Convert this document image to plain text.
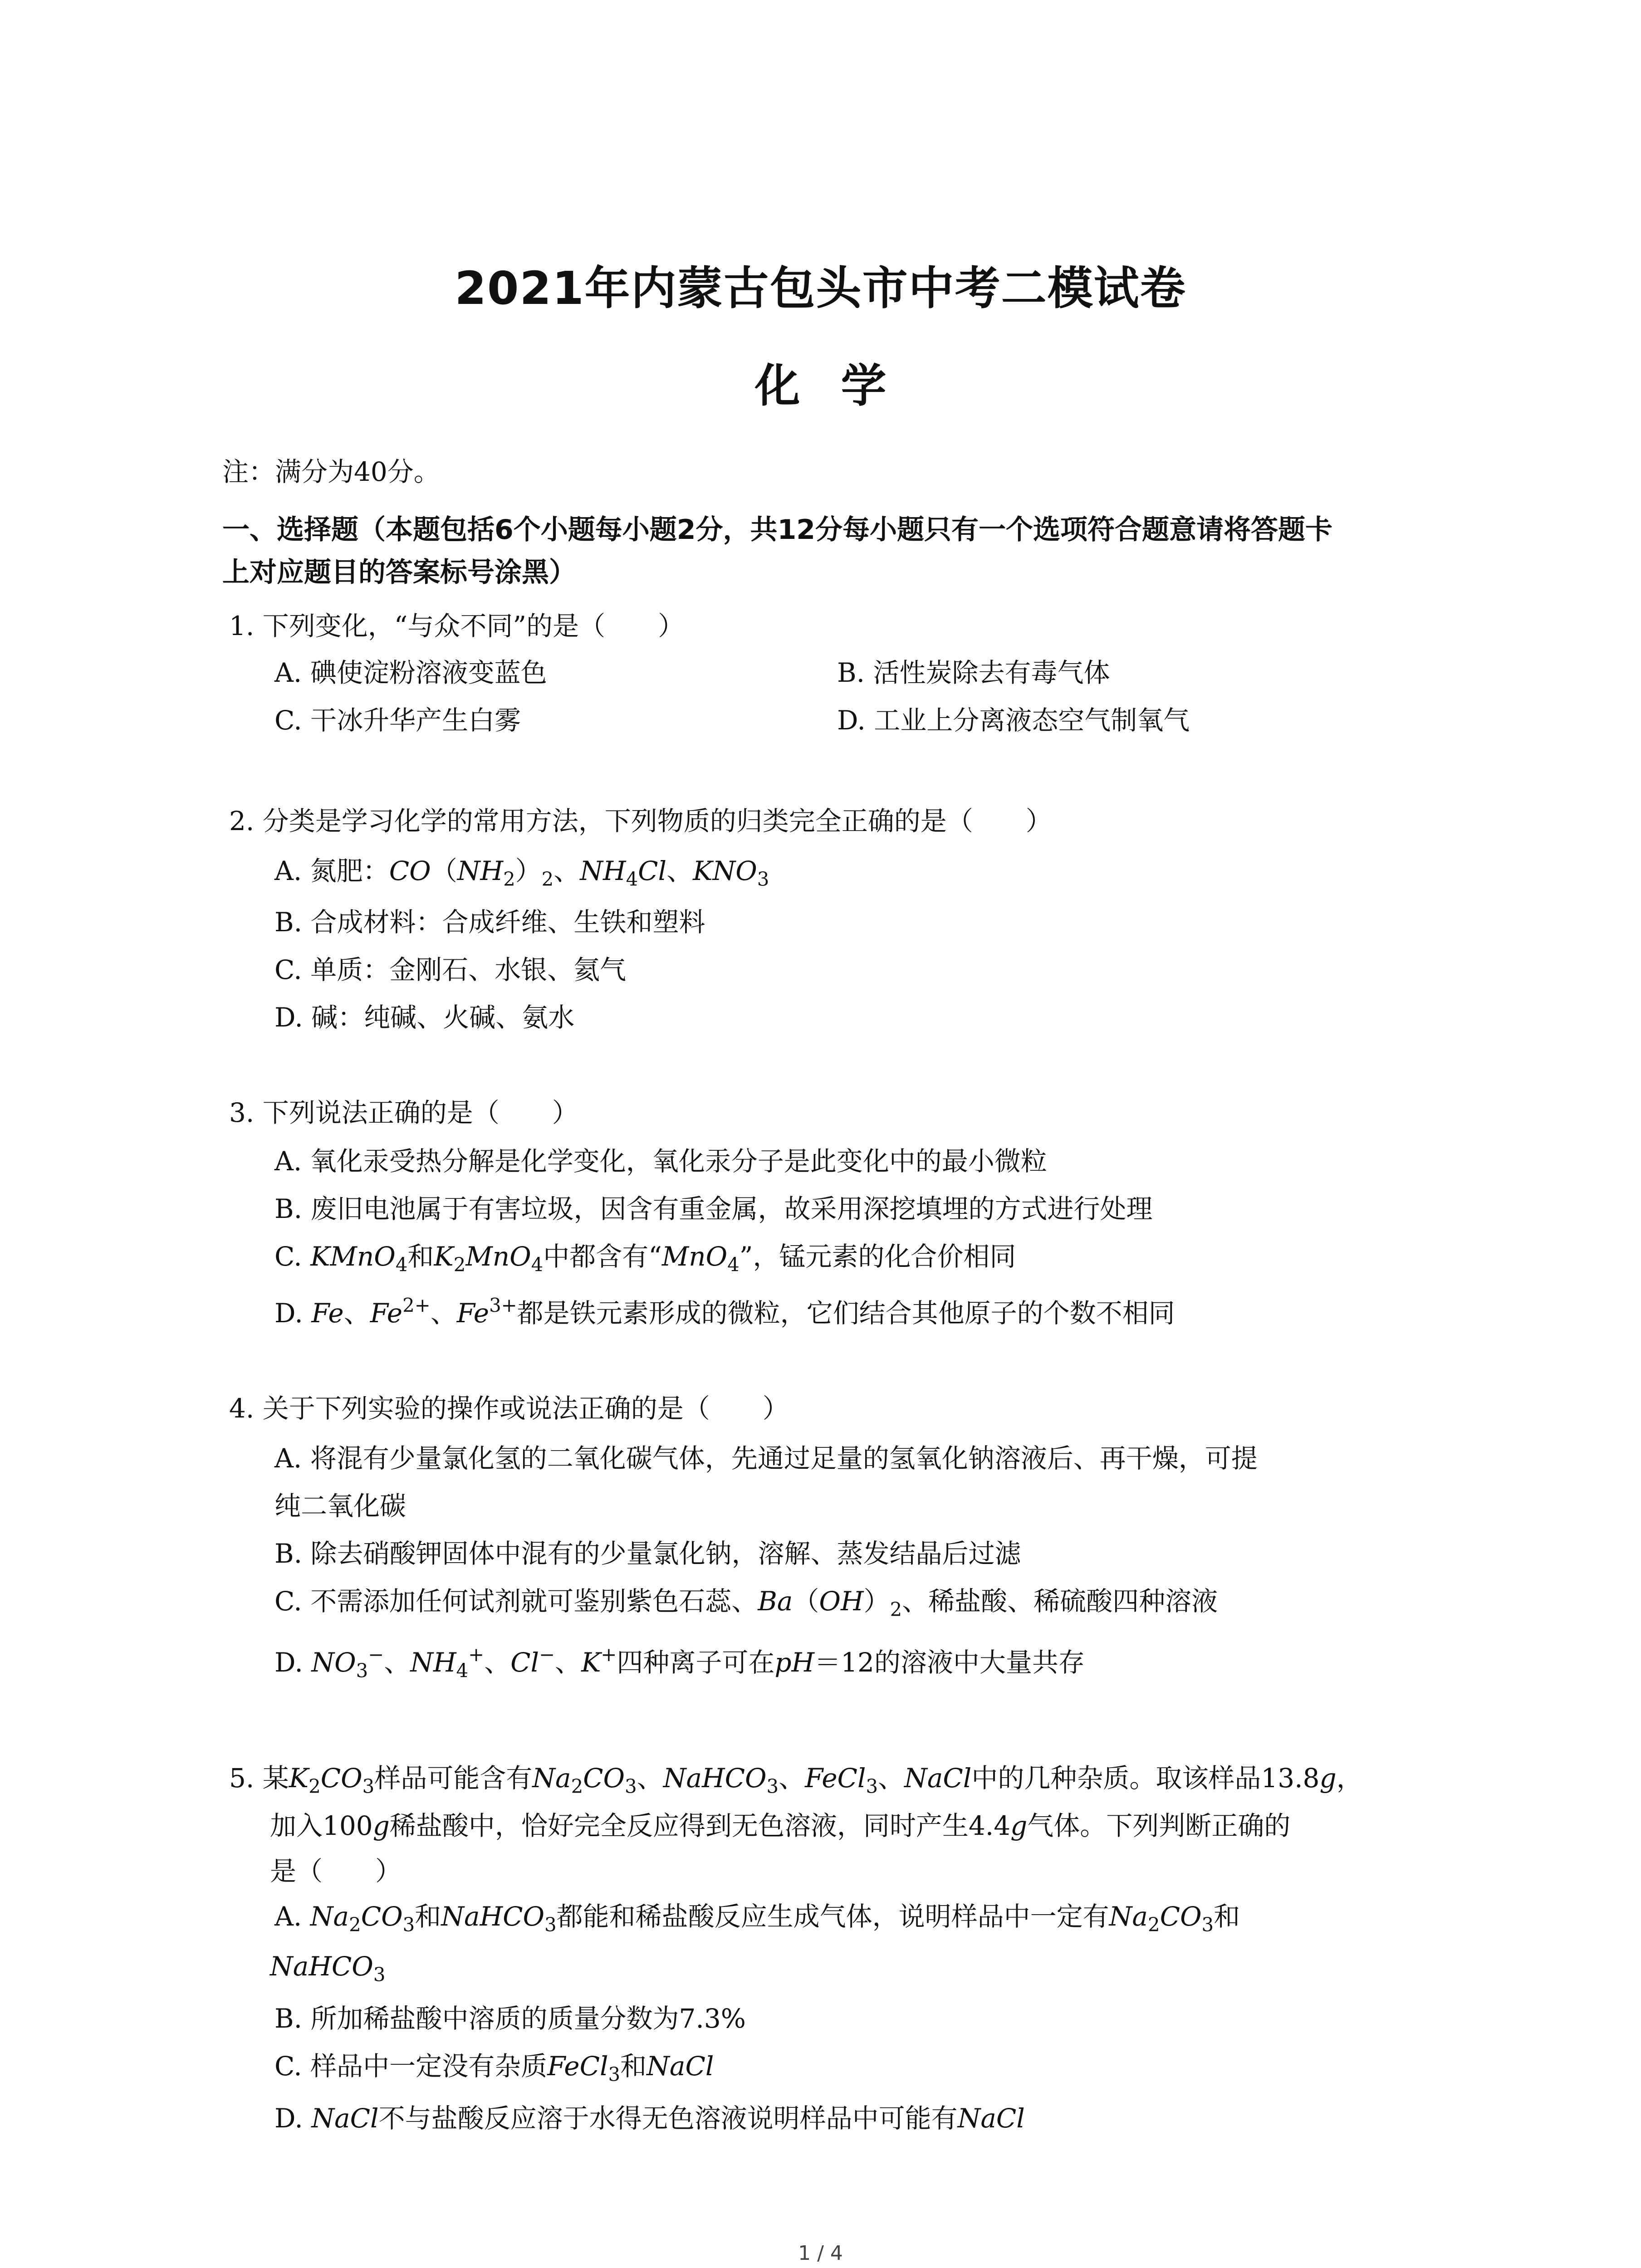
2021年内蒙古包头市中考二模试卷
化学
注：满分为40分。
一、选择题（本题包括6个小题每小题2分，共12分每小题只有一个选项符合题意请将答题卡
上对应题目的答案标号涂黑）
1. 下列变化，“与众不同”的是（　　）
A. 碘使淀粉溶液变蓝色	B. 活性炭除去有毒气体
C. 干冰升华产生白雾	D. 工业上分离液态空气制氧气
2. 分类是学习化学的常用方法，下列物质的归类完全正确的是（　　）
A. 氮肥：$CO(NH_2)_2$、$NH_4Cl$、$KNO_3$
B. 合成材料：合成纤维、生铁和塑料
C. 单质：金刚石、水银、氦气
D. 碱：纯碱、火碱、氨水
3. 下列说法正确的是（　　）
A. 氧化汞受热分解是化学变化，氧化汞分子是此变化中的最小微粒
B. 废旧电池属于有害垃圾，因含有重金属，故采用深挖填埋的方式进行处理
C. KMnO$_4$和$K_2MnO_4$中都含有“MnO$_4$”，锰元素的化合价相同
D. Fe、$Fe^{2+}$、$Fe^{3+}$都是铁元素形成的微粒，它们结合其他原子的个数不相同
4. 关于下列实验的操作或说法正确的是（　　）
A. 将混有少量氯化氢的二氧化碳气体，先通过足量的氢氧化钠溶液后、再干燥，可提
纯二氧化碳
B. 除去硝酸钾固体中混有的少量氯化钠，溶解、蒸发结晶后过滤
C. 不需添加任何试剂就可鉴别紫色石蕊、$Ba(OH)_2$、稀盐酸、稀硫酸四种溶液
D. $NO_3^-$、$NH_4^+$、Cl−、K+四种离子可在pH＝12的溶液中大量共存
5. 某$K_2CO_3$样品可能含有$Na_2CO_3$、NaHCO$_3$、FeCl$_3$、NaCl中的几种杂质。取该样品13.8g，
加入100g稀盐酸中，恰好完全反应得到无色溶液，同时产生4.4g气体。下列判断正确的
是（　　）
A. $Na_2CO_3$和NaHCO$_3$都能和稀盐酸反应生成气体，说明样品中一定有$Na_2CO_3$和
NaHCO$_3$
B. 所加稀盐酸中溶质的质量分数为7.3%
C. 样品中一定没有杂质FeCl$_3$和NaCl
D. NaCl不与盐酸反应溶于水得无色溶液说明样品中可能有NaCl
1 / 4
